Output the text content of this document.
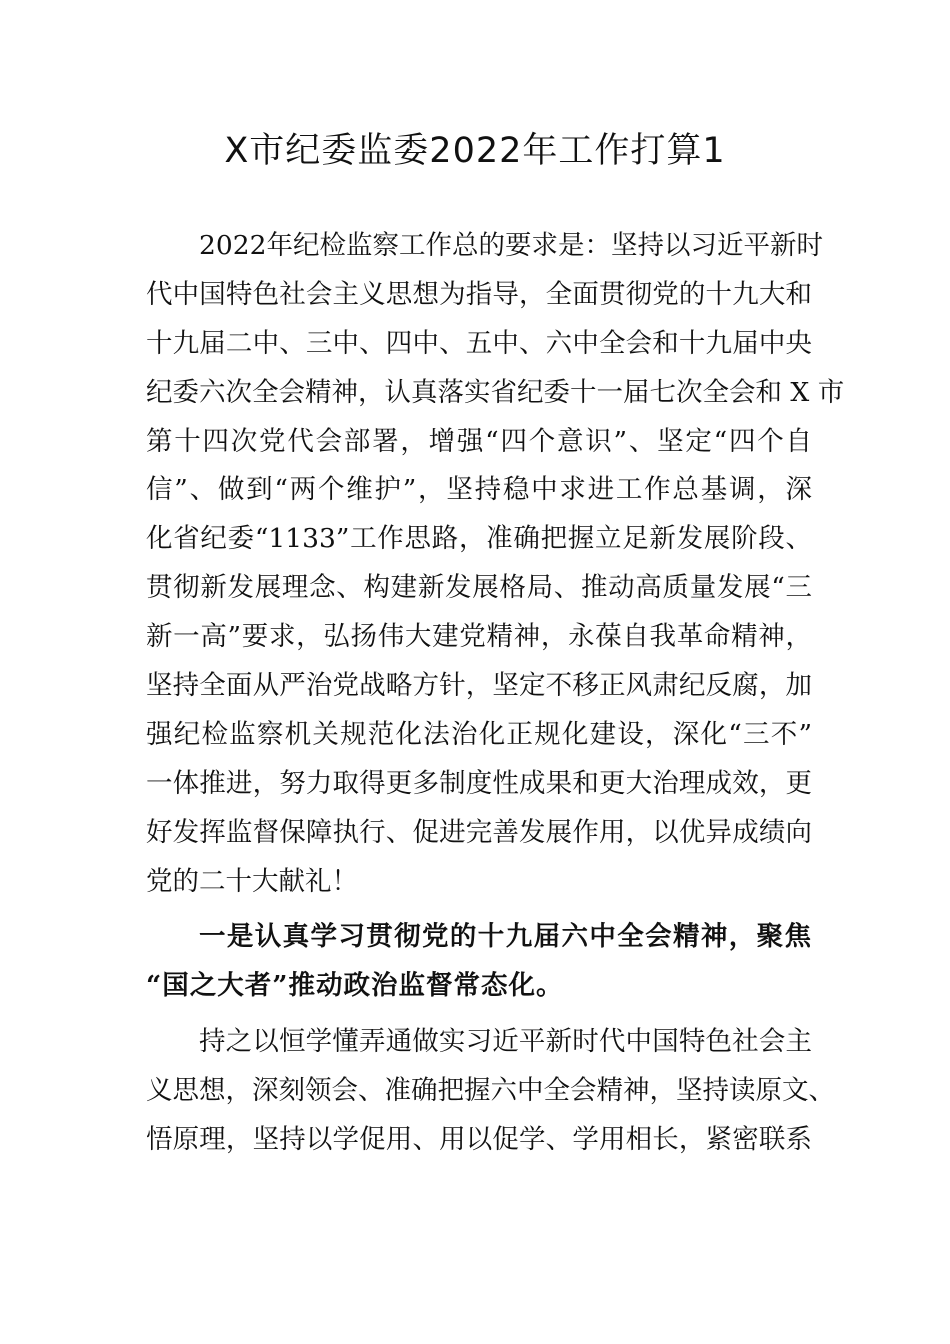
X市纪委监委2022年工作打算1
2022年纪检监察工作总的要求是：坚持以习近平新时
代中国特色社会主义思想为指导，全面贯彻党的十九大和
十九届二中、三中、四中、五中、六中全会和十九届中央
纪委六次全会精神，认真落实省纪委十一届七次全会和 X 市
第十四次党代会部署，增强“四个意识”、坚定“四个自
信”、做到“两个维护”，坚持稳中求进工作总基调，深
化省纪委“1133”工作思路，准确把握立足新发展阶段、
贯彻新发展理念、构建新发展格局、推动高质量发展“三
新一高”要求，弘扬伟大建党精神，永葆自我革命精神，
坚持全面从严治党战略方针，坚定不移正风肃纪反腐，加
强纪检监察机关规范化法治化正规化建设，深化“三不”
一体推进，努力取得更多制度性成果和更大治理成效，更
好发挥监督保障执行、促进完善发展作用，以优异成绩向
党的二十大献礼！
一是认真学习贯彻党的十九届六中全会精神，聚焦
“国之大者”推动政治监督常态化。
持之以恒学懂弄通做实习近平新时代中国特色社会主
义思想，深刻领会、准确把握六中全会精神，坚持读原文、
悟原理，坚持以学促用、用以促学、学用相长，紧密联系
